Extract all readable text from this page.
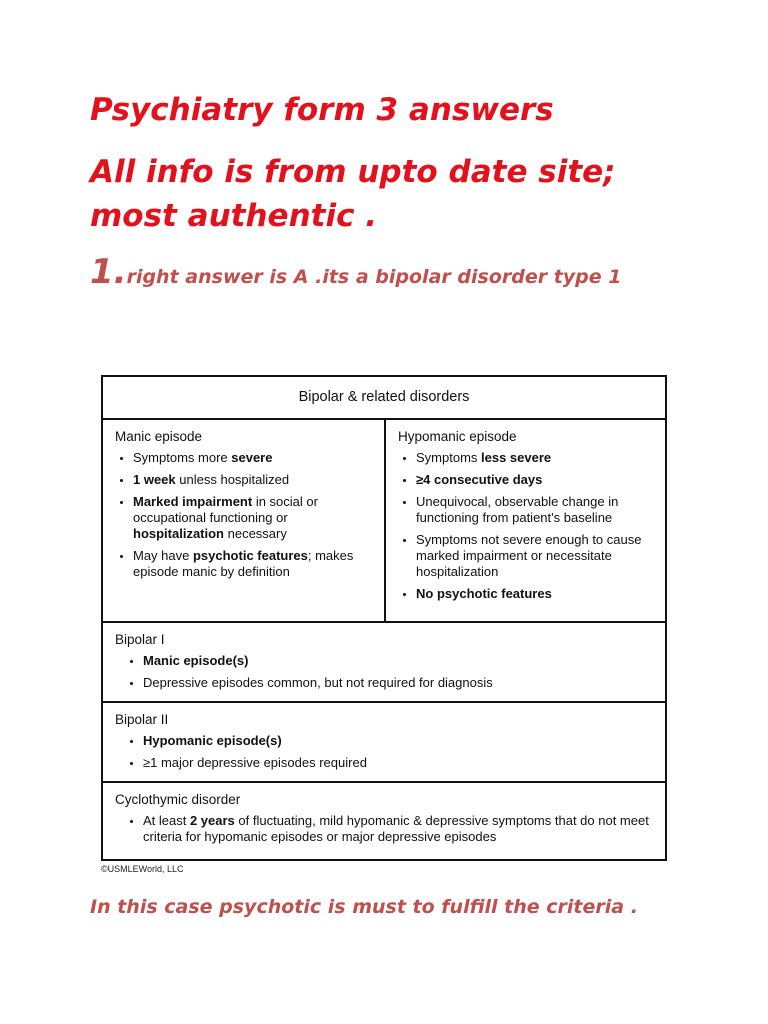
Psychiatry form 3 answers
All info is from upto date site; most authentic .
1.right answer is A .its a bipolar disorder type 1
Bipolar & related disorders
Manic episode
• Symptoms more severe
• 1 week unless hospitalized
• Marked impairment in social or occupational functioning or hospitalization necessary
• May have psychotic features; makes episode manic by definition
Hypomanic episode
• Symptoms less severe
• ≥4 consecutive days
• Unequivocal, observable change in functioning from patient's baseline
• Symptoms not severe enough to cause marked impairment or necessitate hospitalization
• No psychotic features
Bipolar I
• Manic episode(s)
• Depressive episodes common, but not required for diagnosis
Bipolar II
• Hypomanic episode(s)
• ≥1 major depressive episodes required
Cyclothymic disorder
• At least 2 years of fluctuating, mild hypomanic & depressive symptoms that do not meet criteria for hypomanic episodes or major depressive episodes
©USMLEWorld, LLC
In this case psychotic is must to fulfill the criteria .
